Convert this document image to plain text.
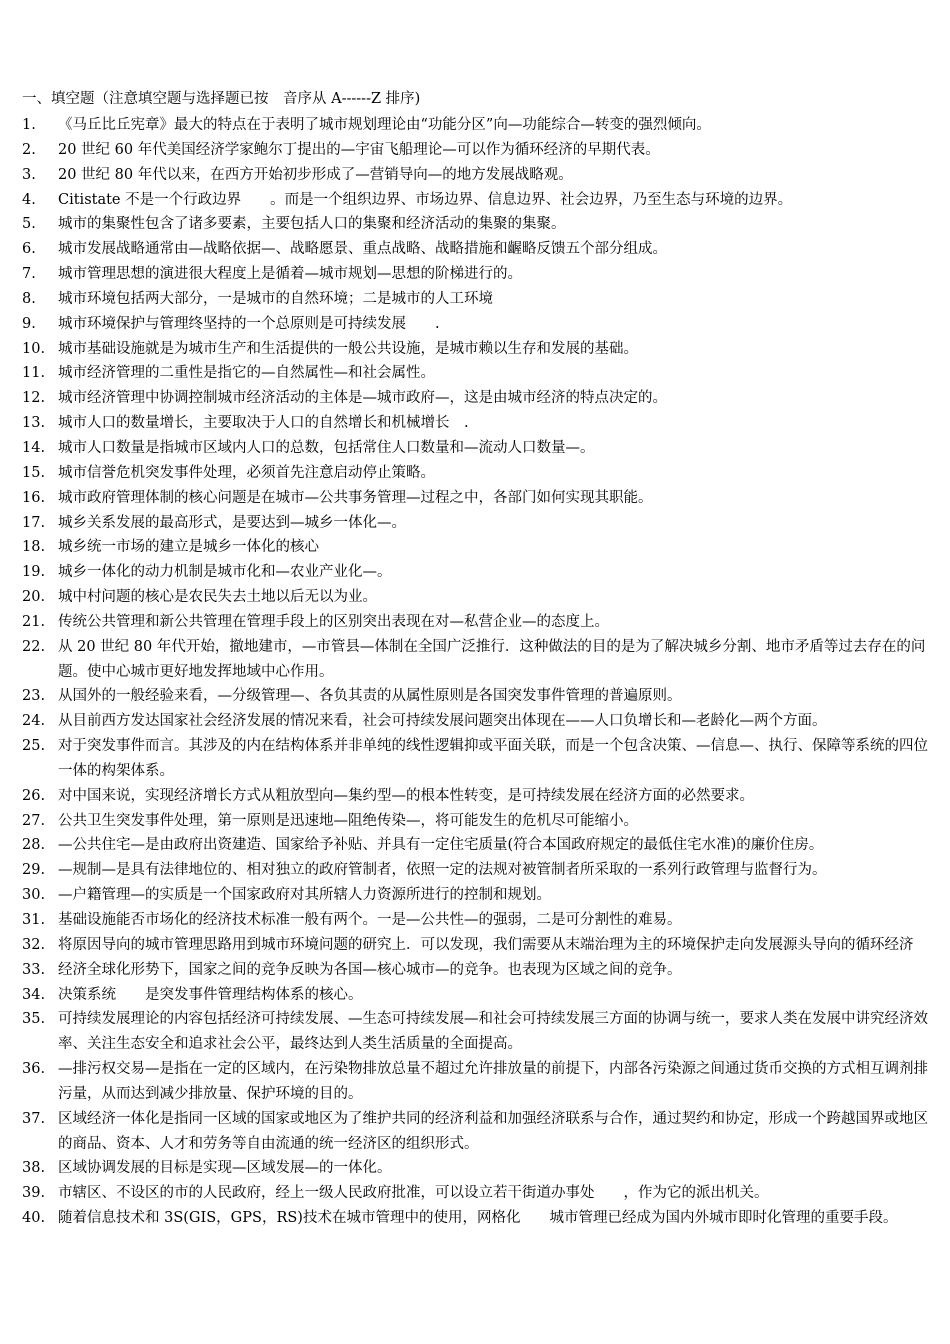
一、填空题（注意填空题与选择题已按　音序从 A------Z 排序)
1.	《马丘比丘宪章》最大的特点在于表明了城市规划理论由“功能分区”向—功能综合—转变的强烈倾向。
2.	20 世纪 60 年代美国经济学家鲍尔丁提出的—宇宙飞船理论—可以作为循环经济的早期代表。
3.	20 世纪 80 年代以来，在西方开始初步形成了—营销导向—的地方发展战略观。
4.	Citistate 不是一个行政边界　　。而是一个组织边界、市场边界、信息边界、社会边界，乃至生态与环境的边界。
5.	城市的集聚性包含了诸多要素，主要包括人口的集聚和经济活动的集聚的集聚。
6.	城市发展战略通常由—战略依据—、战略愿景、重点战略、战略措施和齷略反馈五个部分组成。
7.	城市管理思想的演进很大程度上是循着—城市规划—思想的阶梯进行的。
8.	城市环境包括两大部分，一是城市的自然环境；二是城市的人工环境
9.	城市环境保护与管理终坚持的一个总原则是可持续发展　　.
10. 城市基础设施就是为城市生产和生活提供的一般公共设施，是城市赖以生存和发展的基础。
11. 城市经济管理的二重性是指它的—自然属性—和社会属性。
12. 城市经济管理中协调控制城市经济活动的主体是—城市政府—，这是由城市经济的特点决定的。
13. 城市人口的数量增长，主要取决于人口的自然增长和机械增长　.
14. 城市人口数量是指城市区域内人口的总数，包括常住人口数量和—流动人口数量—。
15. 城市信誉危机突发事件处理，必须首先注意启动停止策略。
16. 城市政府管理体制的核心问题是在城市—公共事务管理—过程之中，各部门如何实现其职能。
17. 城乡关系发展的最高形式，是要达到—城乡一体化—。
18. 城乡统一市场的建立是城乡一体化的核心
19. 城乡一体化的动力机制是城市化和—农业产业化—。
20. 城中村问题的核心是农民失去土地以后无以为业。
21. 传统公共管理和新公共管理在管理手段上的区别突出表现在对—私营企业—的态度上。
22. 从 20 世纪 80 年代开始，撤地建市，—市管县—体制在全国广泛推行．这种做法的目的是为了解决城乡分割、地市矛盾等过去存在的问题。使中心城市更好地发挥地域中心作用。
23. 从国外的一般经验来看，—分级管理—、各负其责的从属性原则是各国突发事件管理的普遍原则。
24. 从目前西方发达国家社会经济发展的情况来看，社会可持续发展问题突出体现在——人口负增长和—老龄化—两个方面。
25. 对于突发事件而言。其涉及的内在结构体系并非单纯的线性逻辑抑或平面关联，而是一个包含决策、—信息—、执行、保障等系统的四位一体的构架体系。
26. 对中国来说，实现经济增长方式从粗放型向—集约型—的根本性转变，是可持续发展在经济方面的必然要求。
27. 公共卫生突发事件处理，第一原则是迅速地—阻绝传染—，将可能发生的危机尽可能缩小。
28. —公共住宅—是由政府出资建造、国家给予补贴、并具有一定住宅质量(符合本国政府规定的最低住宅水准)的廉价住房。
29. —规制—是具有法律地位的、相对独立的政府管制者，依照一定的法规对被管制者所采取的一系列行政管理与监督行为。
30. —户籍管理—的实质是一个国家政府对其所辖人力资源所进行的控制和规划。
31. 基础设施能否市场化的经济技术标准一般有两个。一是—公共性—的强弱，二是可分割性的难易。
32. 将原因导向的城市管理思路用到城市环境问题的研究上．可以发现，我们需要从末端治理为主的环境保护走向发展源头导向的循环经济
33. 经济全球化形势下，国家之间的竞争反映为各国—核心城市—的竞争。也表现为区域之间的竞争。
34. 决策系统　　是突发事件管理结构体系的核心。
35. 可持续发展理论的内容包括经济可持续发展、—生态可持续发展—和社会可持续发展三方面的协调与统一，要求人类在发展中讲究经济效率、关注生态安全和追求社会公平，最终达到人类生活质量的全面提高。
36. —排污权交易—是指在一定的区域内，在污染物排放总量不超过允许排放量的前提下，内部各污染源之间通过货币交换的方式相互调剂排污量，从而达到减少排放量、保护环境的目的。
37. 区域经济一体化是指同一区域的国家或地区为了维护共同的经济利益和加强经济联系与合作，通过契约和协定，形成一个跨越国界或地区的商品、资本、人才和劳务等自由流通的统一经济区的组织形式。
38. 区域协调发展的目标是实现—区域发展—的一体化。
39. 市辖区、不设区的市的人民政府，经上一级人民政府批准，可以设立若干街道办事处　　，作为它的派出机关。
40. 随着信息技术和 3S(GIS，GPS，RS)技术在城市管理中的使用，网格化　　城市管理已经成为国内外城市即时化管理的重要手段。
